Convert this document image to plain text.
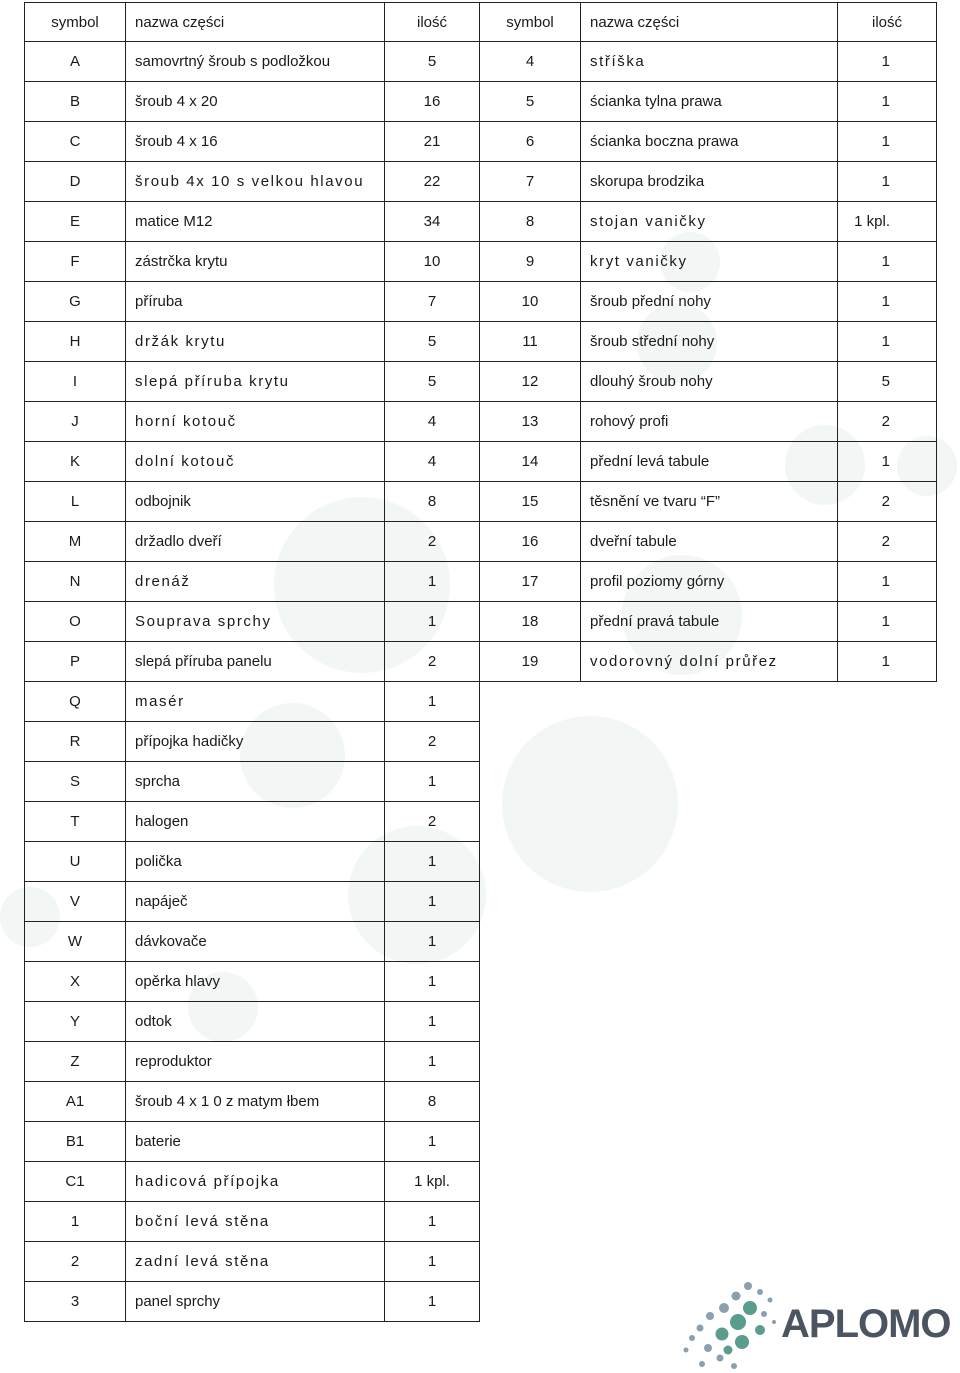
symbol	nazwa części	ilość	symbol	nazwa części	ilość
A	samovrtný šroub s podložkou	5	4	stříška	1
B	šroub 4 x 20	16	5	ścianka tylna prawa	1
C	šroub 4 x 16	21	6	ścianka boczna prawa	1
D	šroub 4x 10 s velkou hlavou	22	7	skorupa brodzika	1
E	matice M12	34	8	stojan vaničky	1 kpl.
F	zástrčka krytu	10	9	kryt vaničky	1
G	příruba	7	10	šroub přední nohy	1
H	držák krytu	5	11	šroub střední nohy	1
I	slepá příruba krytu	5	12	dlouhý šroub nohy	5
J	horní kotouč	4	13	rohový profi	2
K	dolní kotouč	4	14	přední levá tabule	1
L	odbojnik	8	15	těsnění ve tvaru “F”	2
M	držadlo dveří	2	16	dveřní tabule	2
N	drenáž	1	17	profil poziomy górny	1
O	Souprava sprchy	1	18	přední pravá tabule	1
P	slepá příruba panelu	2	19	vodorovný dolní průřez	1
Q	masér	1			
R	přípojka hadičky	2			
S	sprcha	1			
T	halogen	2			
U	polička	1			
V	napáječ	1			
W	dávkovače	1			
X	opěrka hlavy	1			
Y	odtok	1			
Z	reproduktor	1			
A1	šroub 4 x 1 0 z matym łbem	8			
B1	baterie	1			
C1	hadicová přípojka	1 kpl.			
1	boční levá stěna	1			
2	zadní levá stěna	1			
3	panel sprchy	1			
APLOMO
